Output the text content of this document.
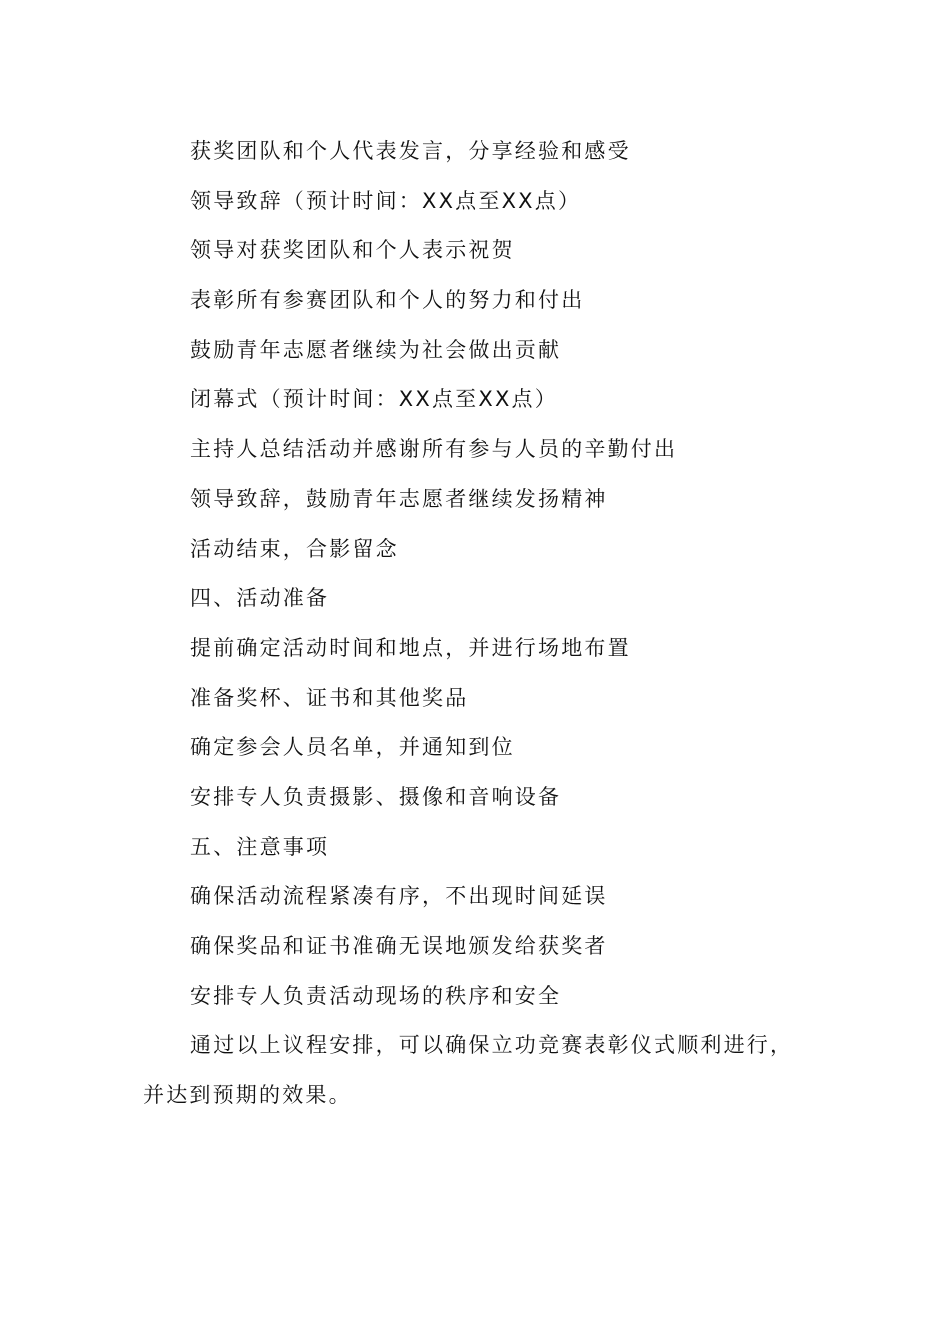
获奖团队和个人代表发言，分享经验和感受
领导致辞（预计时间：XX点至XX点）
领导对获奖团队和个人表示祝贺
表彰所有参赛团队和个人的努力和付出
鼓励青年志愿者继续为社会做出贡献
闭幕式（预计时间：XX点至XX点）
主持人总结活动并感谢所有参与人员的辛勤付出
领导致辞，鼓励青年志愿者继续发扬精神
活动结束，合影留念
四、活动准备
提前确定活动时间和地点，并进行场地布置
准备奖杯、证书和其他奖品
确定参会人员名单，并通知到位
安排专人负责摄影、摄像和音响设备
五、注意事项
确保活动流程紧凑有序，不出现时间延误
确保奖品和证书准确无误地颁发给获奖者
安排专人负责活动现场的秩序和安全
通过以上议程安排，可以确保立功竞赛表彰仪式顺利进行，并达到预期的效果。
